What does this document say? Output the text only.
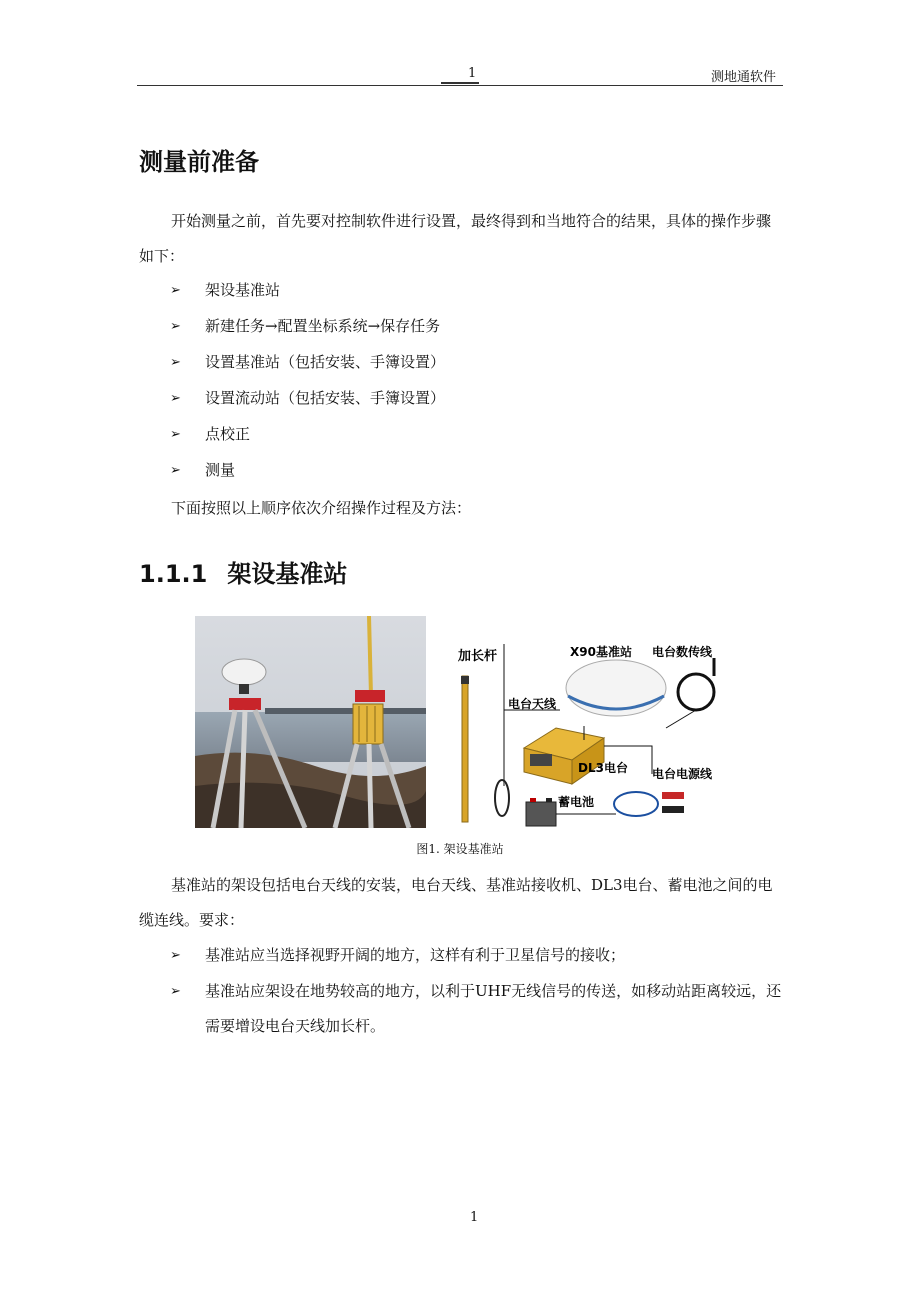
1	测地通软件
测量前准备
开始测量之前，首先要对控制软件进行设置，最终得到和当地符合的结果，具体的操作步骤如下：
➢	架设基准站
➢	新建任务→配置坐标系统→保存任务
➢	设置基准站（包括安装、手簿设置）
➢	设置流动站（包括安装、手簿设置）
➢	点校正
➢	测量
下面按照以上顺序依次介绍操作过程及方法：
1.1.1 架设基准站
加长杆	X90基准站 电台数传线
电台天线
DL3电台 电台电源线
蓄电池
图1. 架设基准站
基准站的架设包括电台天线的安装，电台天线、基准站接收机、DL3电台、蓄电池之间的电缆连线。要求：
➢	基准站应当选择视野开阔的地方，这样有利于卫星信号的接收；
➢	基准站应架设在地势较高的地方，以利于UHF无线信号的传送，如移动站距离较远，还需要增设电台天线加长杆。
1
